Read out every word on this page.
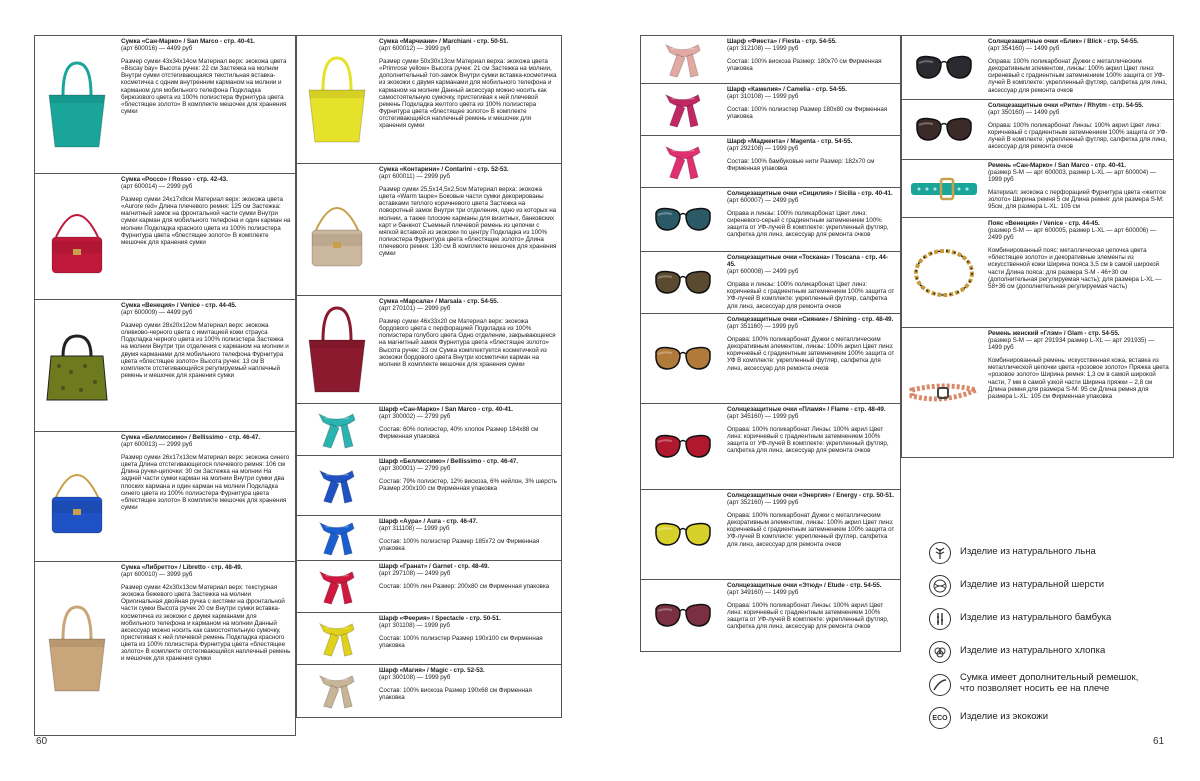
Сумка «Сан-Марко» / San Marco - стр. 40-41.
(арт 600016) — 4499 руб
Размер сумки 43х34х14см Материал верх: экокожа цвета «Biscay bay» Высота ручек: 22 см Застежка на молнии Внутри сумки отстегивающаяся текстильная вставка-косметичка с одним внутренним карманом на молнии и карманом для мобильного телефона Подкладка бирюзового цвета из 100% полиэстера Фурнитура цвета «блестящее золото» В комплекте мешочек для хранения сумки
Сумка «Россо» / Rosso - стр. 42-43.
(арт 600014) — 2999 руб
Размер сумки 24х17х8см Материал верх: экокожа цвета «Aurore red» Длина плечевого ремня: 125 см Застежка: магнитный замок на фронтальной части сумки Внутри сумки карман для мобильного телефона и один карман на молнии Подкладка красного цвета из 100% полиэстера Фурнитура цвета «блестящее золото» В комплекте мешочек для хранения сумки
Сумка «Венеция» / Venice - стр. 44-45.
(арт 600009) — 4499 руб
Размер сумки 28х20х12см Материал верх: экокожа оливково-черного цвета с имитацией кожи страуса Подкладка черного цвета из 100% полиэстера Застежка на молнии Внутри три отделения с карманом на молнии и двумя карманами для мобильного телефона Фурнитура цвета «блестящее золото» Высота ручек: 13 см В комплекте отстегивающийся регулируемый наплечный ремень и мешочек для хранения сумки
Сумка «Беллиссимо» / Bellissimo - стр. 46-47.
(арт 600013) — 2999 руб
Размер сумки 26х17х13см Материал верх: экокожа синего цвета Длина отстегивающегося плечевого ремня: 106 см Длина ручки-цепочки: 30 см Застежка на молнии На задней части сумки карман на молнии Внутри сумки два плоских кармана и один карман на молнии Подкладка синего цвета из 100% полиэстера Фурнитура цвета «блестящее золото» В комплекте мешочек для хранения сумки
Сумка «Либретто» / Libretto - стр. 48-49.
(арт 600010) — 3999 руб
Размер сумки 42х30х13см Материал верх: текстурная экокожа бежевого цвета Застежка на молнии Оригинальная двойная ручка с кистями на фронтальной части сумки Высота ручек 20 см Внутри сумки вставка-косметичка из экокожи с двумя карманами для мобильного телефона и карманом на молнии Данный аксессуар можно носить как самостоятельную сумочку, пристегивая к ней плечевой ремень Подкладка красного цвета из 100% полиэстера Фурнитура цвета «блестящее золото» В комплекте отстегивающийся наплечный ремень и мешочек для хранения сумки
Сумка «Марчиани» / Marchiani - стр. 50-51.
(арт 600012) — 3999 руб
Размер сумки 50х30х13см Материал верха: экокожа цвета «Primrose yellow» Высота ручек: 21 см Застежка на молнии, дополнительный топ-замок Внутри сумки вставка-косметичка из экокожи с двумя карманами для мобильного телефона и карманом на молнии Данный аксессуар можно носить как самостоятельную сумочку, пристегивая к ней плечевой ремень Подкладка желтого цвета из 100% полиэстера Фурнитура цвета «блестящее золото» В комплекте отстегивающийся наплечный ремень и мешочек для хранения сумки
Сумка «Контарини» / Contarini - стр. 52-53.
(арт 600011) — 2999 руб
Размер сумки 25,5х14,5х2,5см Материал верха: экокожа цвета «Warm taupe» Боковые части сумки декорированы вставками теплого коричневого цвета Застежка на поворотный замок Внутри три отделения, одно из которых на молнии, а также плоские карманы для визитных, банковских карт и банкнот Съемный плечевой ремень из цепочки с мягкой вставкой из экокожи по центру Подкладка из 100% полиэстера Фурнитура цвета «блестящее золото» Длина плечевого ремня: 130 см В комплекте мешочек для хранения сумки
Сумка «Марсала» / Marsala - стр. 54-55.
(арт 270101) — 2999 руб
Размер сумки 46х33х20 см Материал верх: экокожа бордового цвета с перфорацией Подкладка из 100% полиэстера голубого цвета Одно отделение, закрывающееся на магнитный замок Фурнитура цвета «блестящее золото» Высота ручек: 23 см Сумка комплектуется косметичкой из экокожи бордового цвета Внутри косметички карман на молнии В комплекте мешочек для хранения сумки
Шарф «Сан-Марко» / San Marco - стр. 40-41.
(арт 300002) — 2799 руб
Состав: 60% полиэстер, 40% хлопок Размер 184х88 см Фирменная упаковка
Шарф «Беллиссимо» / Bellissimo - стр. 46-47.
(арт 300001) — 2799 руб
Состав: 79% полиэстер, 12% вискоза, 6% нейлон, 3% шерсть Размер 200х100 см Фирменная упаковка
Шарф «Аура» / Aura - стр. 46-47.
(арт 311108) — 1999 руб
Состав: 100% полиэстер Размер 185х72 см Фирменная упаковка
Шарф «Гранат» / Garnet - стр. 48-49.
(арт 297108) — 2499 руб
Состав: 100% лен Размер: 200х80 см Фирменная упаковка
Шарф «Феерия» / Spectacle - стр. 50-51.
(арт 301108) — 1999 руб
Состав: 100% полиэстер Размер 190х100 см Фирменная упаковка
Шарф «Магия» / Magic - стр. 52-53.
(арт 300108) — 1999 руб
Состав: 100% вискоза Размер 190х68 см Фирменная упаковка
Шарф «Фиеста» / Fiesta - стр. 54-55.
(арт 312108) — 1999 руб
Состав: 100% вискоза Размер: 180х70 см Фирменная упаковка
Шарф «Камелия» / Camelia - стр. 54-55.
(арт 310108) — 1999 руб
Состав: 100% полиэстер Размер 180х80 см Фирменная упаковка
Шарф «Маджента» / Magenta - стр. 54-55.
(арт 292108) — 1999 руб
Состав: 100% бамбуковые нити Размер: 182х70 см Фирменная упаковка
Солнцезащитные очки «Сицилия» / Sicilia - стр. 40-41.
(арт 600007) — 2499 руб
Оправа и линзы: 100% поликарбонат Цвет линз: сиреневого-серый с градиентным затемнением 100% защита от УФ-лучей В комплекте: укрепленный футляр, салфетка для линз, аксессуар для ремонта очков
Солнцезащитные очки «Тоскана» / Toscana - стр. 44-45.
(арт 600008) — 2499 руб
Оправа и линзы: 100% поликарбонат Цвет линз: коричневый с градиентным затемнением 100% защита от УФ-лучей В комплекте: укрепленный футляр, салфетка для линз, аксессуар для ремонта очков
Солнцезащитные очки «Сияние» / Shining - стр. 48-49.
(арт 351160) — 1999 руб
Оправа: 100% поликарбонат Дужки с металлическим декоративным элементом, линзы: 100% акрил Цвет линз: коричневый с градиентным затемнением 100% защита от УФ В комплекте: укрепленный футляр, салфетка для линз, аксессуар для ремонта очков
Солнцезащитные очки «Пламя» / Flame - стр. 48-49.
(арт 345160) — 1999 руб
Оправа: 100% поликарбонат Линзы: 100% акрил Цвет линз: коричневый с градиентным затемнением 100% защита от УФ-лучей В комплекте: укрепленный футляр, салфетка для линз, аксессуар для ремонта очков
Солнцезащитные очки «Энергия» / Energy - стр. 50-51.
(арт 352160) — 1999 руб
Оправа: 100% поликарбонат Дужки с металлическим декоративным элементом, линзы: 100% акрил Цвет линз: коричневый с градиентным затемнением 100% защита от УФ-лучей В комплекте: укрепленный футляр, салфетка для линз, аксессуар для ремонта очков
Солнцезащитные очки «Этюд» / Etude - стр. 54-55.
(арт 349160) — 1499 руб
Оправа: 100% поликарбонат Линзы: 100% акрил Цвет линз: коричневый с градиентным затемнением 100% защита от УФ-лучей В комплекте: укрепленный футляр, салфетка для линз, аксессуар для ремонта очков
Солнцезащитные очки «Блик» / Blick - стр. 54-55.
(арт 354160) — 1499 руб
Оправа: 100% поликарбонат Дужки с металлическим декоративным элементом, линзы: 100% акрил Цвет линз: сиреневый с градиентным затемнением 100% защита от УФ-лучей В комплекте: укрепленный футляр, салфетка для линз, аксессуар для ремонта очков
Солнцезащитные очки «Ритм» / Rhytm - стр. 54-55.
(арт 350160) — 1499 руб
Оправа: 100% поликарбонат Линзы: 100% акрил Цвет линз: коричневый с градиентным затемнением 100% защита от УФ-лучей В комплекте: укрепленный футляр, салфетка для линз, аксессуар для ремонта очков
Ремень «Сан-Марко» / San Marco - стр. 40-41.
(размер S-M — арт 600003, размер L-XL — арт 600004) — 1999 руб
Материал: экокожа с перфорацией Фурнитура цвета «желтое золото» Ширина ремня 5 см Длина ремня: для размера S-M: 95см, для размера L-XL: 105 см
Пояс «Венеция» / Venice - стр. 44-45.
(размер S-M — арт 600005, размер L-XL — арт 600006) — 2499 руб
Комбинированный пояс: металлическая цепочка цвета «блестящее золото» и декоративные элементы из искусственной кожи Ширина пояса 3,5 см в самой широкой части Длина пояса: для размера S-M - 46+30 см (дополнительная регулируемая часть); для размера L-XL — 58+36 см (дополнительная регулируемая часть)
Ремень женский «Глэм» / Glam - стр. 54-55.
(размер S-M — арт 291934 размер L-XL — арт 291935) — 1499 руб
Комбинированный ремень: искусственная кожа, вставка из металлической цепочки цвета «розовое золото» Пряжка цвета «розовое золото» Ширина ремня: 1,3 см в самой широкой части, 7 мм в самой узкой части Ширина пряжки – 2,8 см Длина ремня для размера S-M: 95 см Длина ремня для размера L-XL: 105 см Фирменная упаковка
Изделие из натурального льна
Изделие из натуральной шерсти
Изделие из натурального бамбука
Изделие из натурального хлопка
Сумка имеет дополнительный ремешок,
что позволяет носить ее на плече
ECO Изделие из экокожи
60	61
